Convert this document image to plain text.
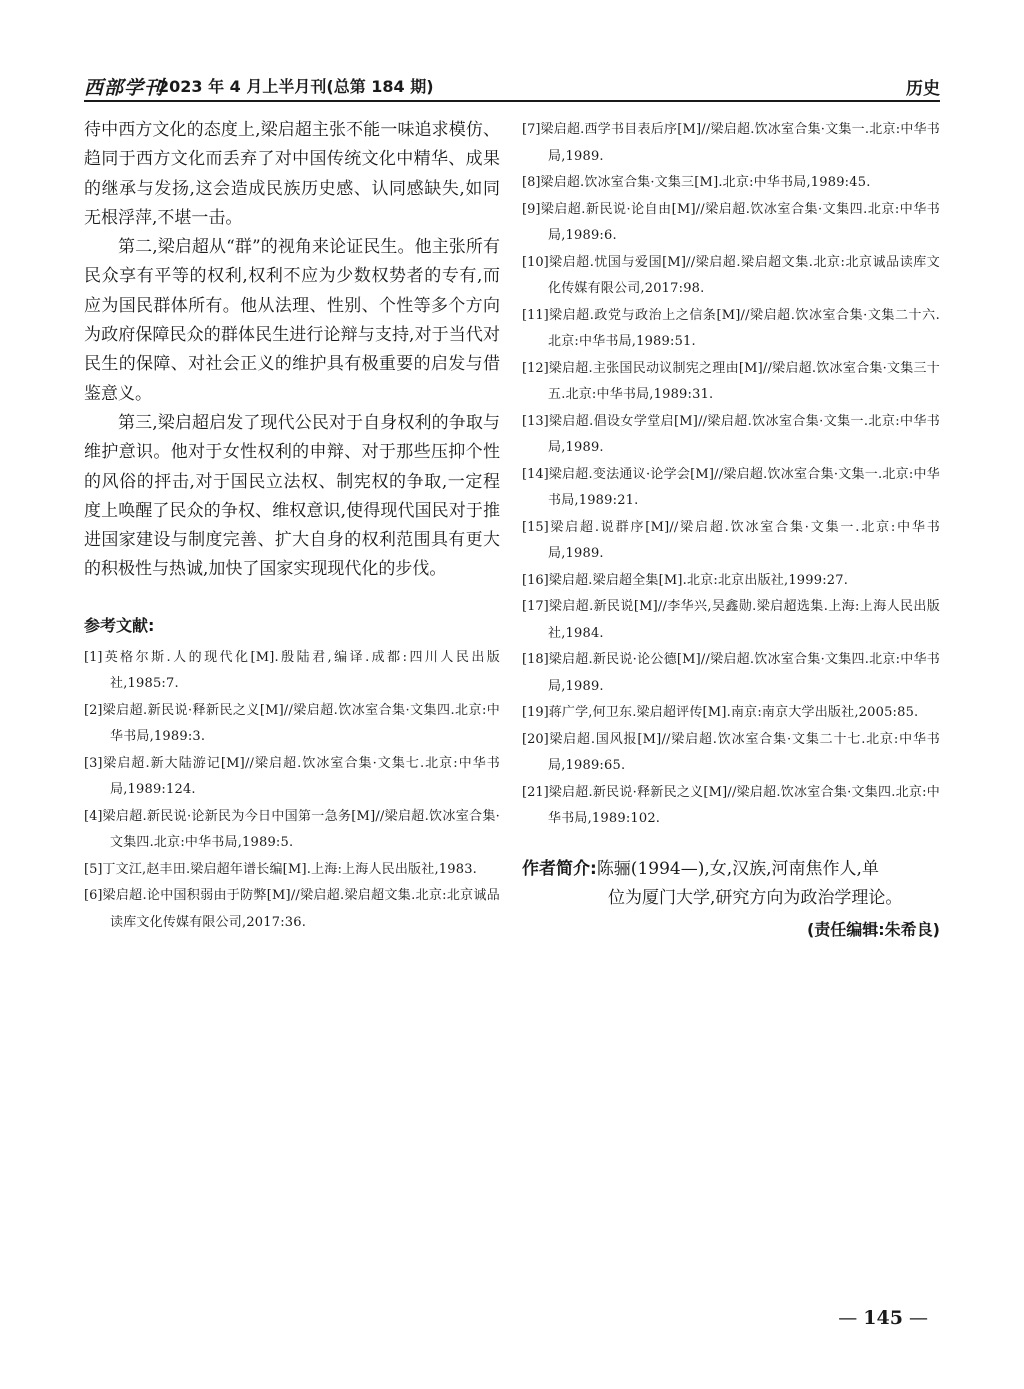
西部学刊
2023 年 4 月上半月刊(总第 184 期)	历史

待中西方文化的态度上,梁启超主张不能一味追求模仿、趋同于西方文化而丢弃了对中国传统文化中精华、成果的继承与发扬,这会造成民族历史感、认同感缺失,如同无根浮萍,不堪一击。

第二,梁启超从“群”的视角来论证民生。他主张所有民众享有平等的权利,权利不应为少数权势者的专有,而应为国民群体所有。他从法理、性别、个性等多个方向为政府保障民众的群体民生进行论辩与支持,对于当代对民生的保障、对社会正义的维护具有极重要的启发与借鉴意义。

第三,梁启超启发了现代公民对于自身权利的争取与维护意识。他对于女性权利的申辩、对于那些压抑个性的风俗的抨击,对于国民立法权、制宪权的争取,一定程度上唤醒了民众的争权、维权意识,使得现代国民对于推进国家建设与制度完善、扩大自身的权利范围具有更大的积极性与热诚,加快了国家实现现代化的步伐。

参考文献:
[1]英格尔斯.人的现代化[M].殷陆君,编译.成都:四川人民出版社,1985:7.
[2]梁启超.新民说·释新民之义[M]//梁启超.饮冰室合集·文集四.北京:中华书局,1989:3.
[3]梁启超.新大陆游记[M]//梁启超.饮冰室合集·文集七.北京:中华书局,1989:124.
[4]梁启超.新民说·论新民为今日中国第一急务[M]//梁启超.饮冰室合集·文集四.北京:中华书局,1989:5.
[5]丁文江,赵丰田.梁启超年谱长编[M].上海:上海人民出版社,1983.
[6]梁启超.论中国积弱由于防弊[M]//梁启超.梁启超文集.北京:北京诚品读库文化传媒有限公司,2017:36.
[7]梁启超.西学书目表后序[M]//梁启超.饮冰室合集·文集一.北京:中华书局,1989.
[8]梁启超.饮冰室合集·文集三[M].北京:中华书局,1989:45.
[9]梁启超.新民说·论自由[M]//梁启超.饮冰室合集·文集四.北京:中华书局,1989:6.
[10]梁启超.忧国与爱国[M]//梁启超.梁启超文集.北京:北京诚品读库文化传媒有限公司,2017:98.
[11]梁启超.政党与政治上之信条[M]//梁启超.饮冰室合集·文集二十六.北京:中华书局,1989:51.
[12]梁启超.主张国民动议制宪之理由[M]//梁启超.饮冰室合集·文集三十五.北京:中华书局,1989:31.
[13]梁启超.倡设女学堂启[M]//梁启超.饮冰室合集·文集一.北京:中华书局,1989.
[14]梁启超.变法通议·论学会[M]//梁启超.饮冰室合集·文集一.北京:中华书局,1989:21.
[15]梁启超.说群序[M]//梁启超.饮冰室合集·文集一.北京:中华书局,1989.
[16]梁启超.梁启超全集[M].北京:北京出版社,1999:27.
[17]梁启超.新民说[M]//李华兴,吴鑫勋.梁启超选集.上海:上海人民出版社,1984.
[18]梁启超.新民说·论公德[M]//梁启超.饮冰室合集·文集四.北京:中华书局,1989.
[19]蒋广学,何卫东.梁启超评传[M].南京:南京大学出版社,2005:85.
[20]梁启超.国风报[M]//梁启超.饮冰室合集·文集二十七.北京:中华书局,1989:65.
[21]梁启超.新民说·释新民之义[M]//梁启超.饮冰室合集·文集四.北京:中华书局,1989:102.
作者简介:陈骊(1994—),女,汉族,河南焦作人,单
位为厦门大学,研究方向为政治学理论。
(责任编辑:朱希良)
— 145 —
